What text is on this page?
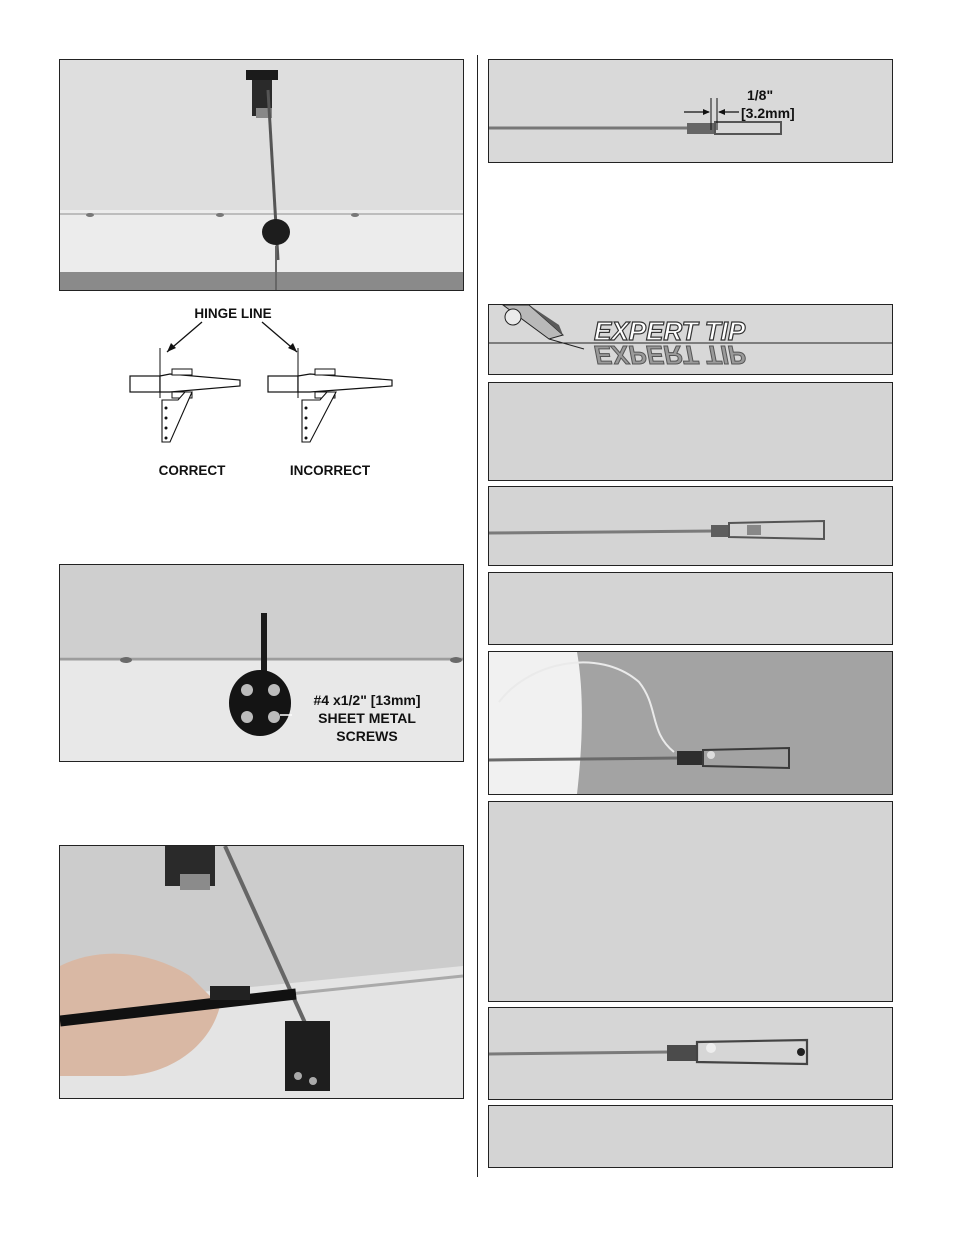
HINGE LINE
CORRECT	INCORRECT
#4 x1/2" [13mm]
SHEET METAL
SCREWS
1/8"
[3.2mm]
EXPERT TIP
EXPERT TIP
